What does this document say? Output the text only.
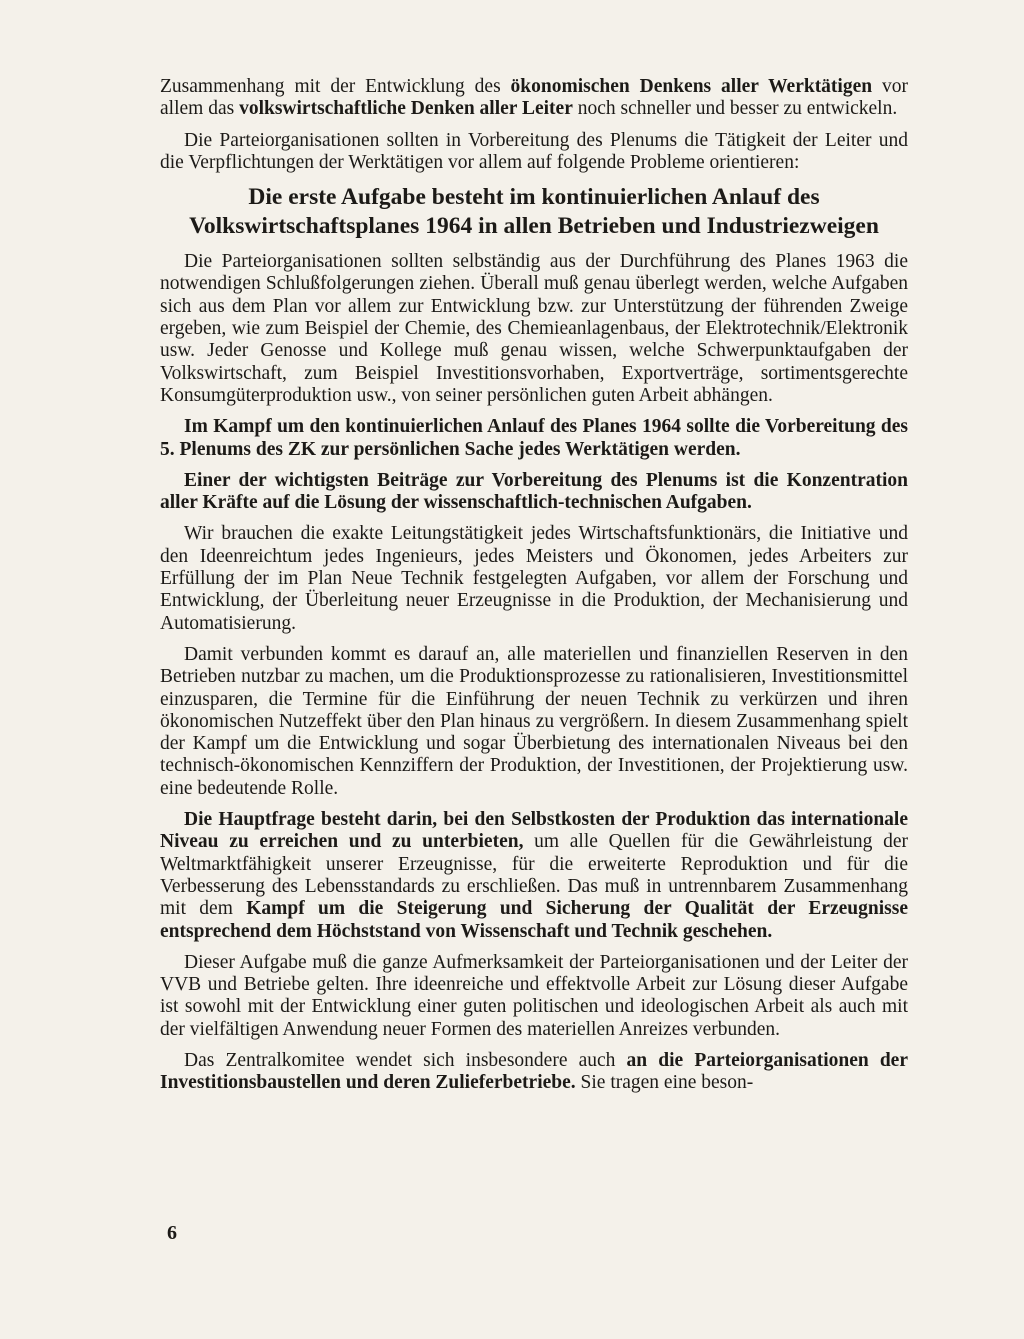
Zusammenhang mit der Entwicklung des ökonomischen Denkens aller Werktätigen vor allem das volkswirtschaftliche Denken aller Leiter noch schneller und besser zu entwickeln.

Die Parteiorganisationen sollten in Vorbereitung des Plenums die Tätigkeit der Leiter und die Verpflichtungen der Werktätigen vor allem auf folgende Probleme orientieren:

Die erste Aufgabe besteht im kontinuierlichen Anlauf des Volkswirtschaftsplanes 1964 in allen Betrieben und Industriezweigen

Die Parteiorganisationen sollten selbständig aus der Durchführung des Planes 1963 die notwendigen Schlußfolgerungen ziehen. Überall muß genau überlegt werden, welche Aufgaben sich aus dem Plan vor allem zur Entwicklung bzw. zur Unterstützung der führenden Zweige ergeben, wie zum Beispiel der Chemie, des Chemieanlagenbaus, der Elektrotechnik/Elektronik usw. Jeder Genosse und Kollege muß genau wissen, welche Schwerpunktaufgaben der Volkswirtschaft, zum Beispiel Investitionsvorhaben, Exportverträge, sortimentsgerechte Konsumgüterproduktion usw., von seiner persönlichen guten Arbeit abhängen.

Im Kampf um den kontinuierlichen Anlauf des Planes 1964 sollte die Vorbereitung des 5. Plenums des ZK zur persönlichen Sache jedes Werktätigen werden.

Einer der wichtigsten Beiträge zur Vorbereitung des Plenums ist die Konzentration aller Kräfte auf die Lösung der wissenschaftlich-technischen Aufgaben.

Wir brauchen die exakte Leitungstätigkeit jedes Wirtschaftsfunktionärs, die Initiative und den Ideenreichtum jedes Ingenieurs, jedes Meisters und Ökonomen, jedes Arbeiters zur Erfüllung der im Plan Neue Technik festgelegten Aufgaben, vor allem der Forschung und Entwicklung, der Überleitung neuer Erzeugnisse in die Produktion, der Mechanisierung und Automatisierung.

Damit verbunden kommt es darauf an, alle materiellen und finanziellen Reserven in den Betrieben nutzbar zu machen, um die Produktionsprozesse zu rationalisieren, Investitionsmittel einzusparen, die Termine für die Einführung der neuen Technik zu verkürzen und ihren ökonomischen Nutzeffekt über den Plan hinaus zu vergrößern. In diesem Zusammenhang spielt der Kampf um die Entwicklung und sogar Überbietung des internationalen Niveaus bei den technisch-ökonomischen Kennziffern der Produktion, der Investitionen, der Projektierung usw. eine bedeutende Rolle.

Die Hauptfrage besteht darin, bei den Selbstkosten der Produktion das internationale Niveau zu erreichen und zu unterbieten, um alle Quellen für die Gewährleistung der Weltmarktfähigkeit unserer Erzeugnisse, für die erweiterte Reproduktion und für die Verbesserung des Lebensstandards zu erschließen. Das muß in untrennbarem Zusammenhang mit dem Kampf um die Steigerung und Sicherung der Qualität der Erzeugnisse entsprechend dem Höchststand von Wissenschaft und Technik geschehen.

Dieser Aufgabe muß die ganze Aufmerksamkeit der Parteiorganisationen und der Leiter der VVB und Betriebe gelten. Ihre ideenreiche und effektvolle Arbeit zur Lösung dieser Aufgabe ist sowohl mit der Entwicklung einer guten politischen und ideologischen Arbeit als auch mit der vielfältigen Anwendung neuer Formen des materiellen Anreizes verbunden.

Das Zentralkomitee wendet sich insbesondere auch an die Parteiorganisationen der Investitionsbaustellen und deren Zulieferbetriebe. Sie tragen eine beson-

6
